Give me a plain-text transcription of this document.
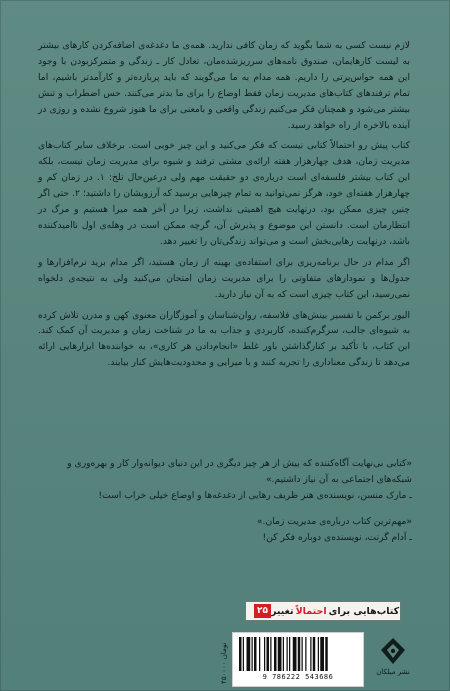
لازم نیست کسی به شما بگوید که زمان کافی ندارید. همه‌ی ما دغدغه‌ی اضافه‌کردن کارهای بیشتر به لیست کارهایمان، صندوق نامه‌های سرریزشده‌مان، تعادل کار ـ زندگی و متمرکزبودن با وجود این همه حواس‌پرتی را داریم. همه مدام به ما می‌گویند که باید پربازده‌تر و کارآمدتر باشیم، اما تمام ترفندهای کتاب‌های مدیریت زمان فقط اوضاع را برای ما بدتر می‌کنند. حس اضطراب و تنش بیشتر می‌شود و همچنان فکر می‌کنیم زندگی واقعی و بامعنی برای ما هنوز شروع نشده و روزی در آینده بالاخره از راه خواهد رسید.

کتاب پیش رو احتمالاً کتابی نیست که فکر می‌کنید و این چیز خوبی است. برخلاف سایر کتاب‌های مدیریت زمان، هدف چهارهزار هفته ارائه‌ی مشتی ترفند و شیوه برای مدیریت زمان نیست، بلکه این کتاب بیشتر فلسفه‌ای است درباره‌ی دو حقیقت مهم ولی در‌عین‌حال تلخ: ۱. در زمان کم و چهارهزار هفته‌ای خود، هرگز نمی‌توانید به تمام چیزهایی برسید که آرزویشان را داشتید؛ ۲. حتی اگر چنین چیزی ممکن بود، درنهایت هیچ اهمیتی نداشت، زیرا در آخر همه میرا هستیم و مرگ در انتظارمان است. دانستن این موضوع و پذیرش آن، گرچه ممکن است در وهله‌ی اول ناامیدکننده باشد، درنهایت رهایی‌بخش است و می‌تواند زندگی‌تان را تغییر دهد.

اگر مدام در حال برنامه‌ریزی برای استفاده‌ی بهینه از زمان هستید، اگر مدام برید نرم‌افزارها و جدول‌ها و نمودارهای متفاوتی را برای مدیریت زمان امتحان می‌کنید ولی به نتیجه‌ی دلخواه نمی‌رسید، این کتاب چیزی است که به آن نیاز دارید.

الیور برکمن با تفسیر بینش‌های فلاسفه، روان‌شناسان و آموزگاران معنوی کهن و مدرن تلاش کرده به شیوه‌ای جالب، سرگرم‌کننده، کاربردی و جذاب به ما در شناخت زمان و مدیریت آن کمک کند. این کتاب، با تأکید بر کنارگذاشتن باور غلط «انجام‌دادن هر کاری»، به خواننده‌ها ابزارهایی ارائه می‌دهد تا زندگی معناداری را تجربه کنند و با میرایی و محدودیت‌هایش کنار بیایند.

«کتابی بی‌نهایت آگاه‌کننده که بیش از هر چیز دیگری در این دنیای دیوانه‌وار کار و بهره‌وری و شبکه‌های اجتماعی به آن نیاز داشتیم.»
ـ مارک منسن، نویسنده‌ی هنر ظریف رهایی از دغدغه‌ها و اوضاع خیلی خراب است!
«مهم‌ترین کتاب درباره‌ی مدیریت زمان.»
ـ آدام گرنت، نویسنده‌ی دوباره فکر کن!
کتاب‌هایی برای
احتمالاً
تغییر
۲۵
۴۵۰۰۰۰ تومان
9 786222 543686
نشر میلکان
